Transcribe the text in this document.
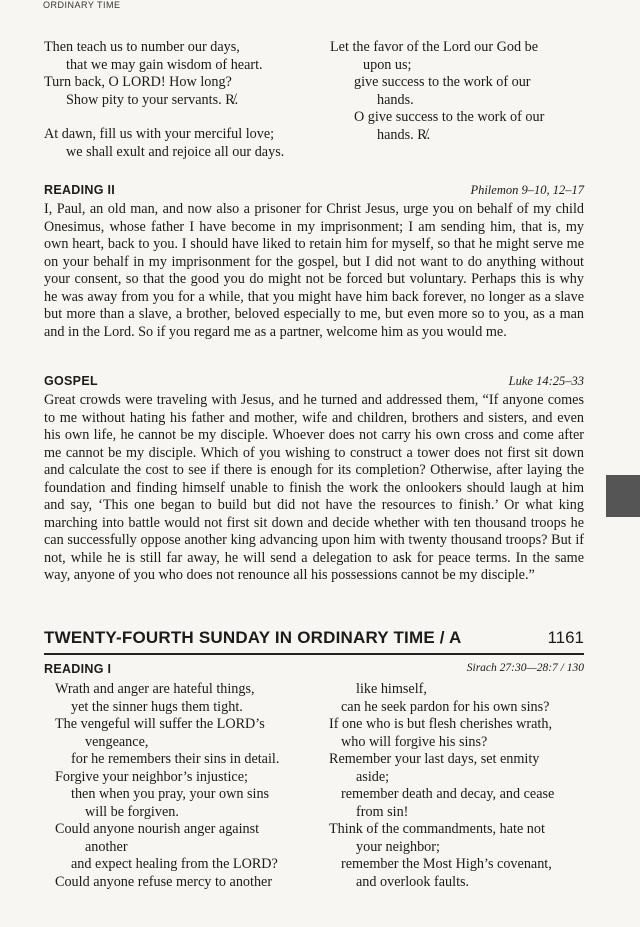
ORDINARY TIME
Then teach us to number our days,
that we may gain wisdom of heart.
Turn back, O LORD! How long?
Show pity to your servants. R̸.
At dawn, fill us with your merciful love;
we shall exult and rejoice all our days.
Let the favor of the Lord our God be
upon us;
give success to the work of our
hands.
O give success to the work of our
hands. R̸.
READING II	Philemon 9–10, 12–17
I, Paul, an old man, and now also a prisoner for Christ Jesus, urge you on behalf of my child Onesimus, whose father I have become in my imprisonment; I am sending him, that is, my own heart, back to you. I should have liked to retain him for myself, so that he might serve me on your behalf in my imprisonment for the gospel, but I did not want to do anything without your consent, so that the good you do might not be forced but voluntary. Perhaps this is why he was away from you for a while, that you might have him back forever, no longer as a slave but more than a slave, a brother, beloved especially to me, but even more so to you, as a man and in the Lord. So if you regard me as a partner, welcome him as you would me.
GOSPEL	Luke 14:25–33
Great crowds were traveling with Jesus, and he turned and addressed them, “If anyone comes to me without hating his father and mother, wife and children, brothers and sisters, and even his own life, he cannot be my disciple. Whoever does not carry his own cross and come after me cannot be my disciple. Which of you wishing to construct a tower does not first sit down and calculate the cost to see if there is enough for its completion? Otherwise, after laying the foundation and finding himself unable to finish the work the onlookers should laugh at him and say, ‘This one began to build but did not have the resources to finish.’ Or what king marching into battle would not first sit down and decide whether with ten thousand troops he can successfully oppose another king advancing upon him with twenty thousand troops? But if not, while he is still far away, he will send a delegation to ask for peace terms. In the same way, anyone of you who does not renounce all his possessions cannot be my disciple.”
TWENTY-FOURTH SUNDAY IN ORDINARY TIME / A	1161
READING I	Sirach 27:30—28:7 / 130
Wrath and anger are hateful things,
yet the sinner hugs them tight.
The vengeful will suffer the LORD’s
vengeance,
for he remembers their sins in detail.
Forgive your neighbor’s injustice;
then when you pray, your own sins
will be forgiven.
Could anyone nourish anger against
another
and expect healing from the LORD?
Could anyone refuse mercy to another
like himself,
can he seek pardon for his own sins?
If one who is but flesh cherishes wrath,
who will forgive his sins?
Remember your last days, set enmity
aside;
remember death and decay, and cease
from sin!
Think of the commandments, hate not
your neighbor;
remember the Most High’s covenant,
and overlook faults.
